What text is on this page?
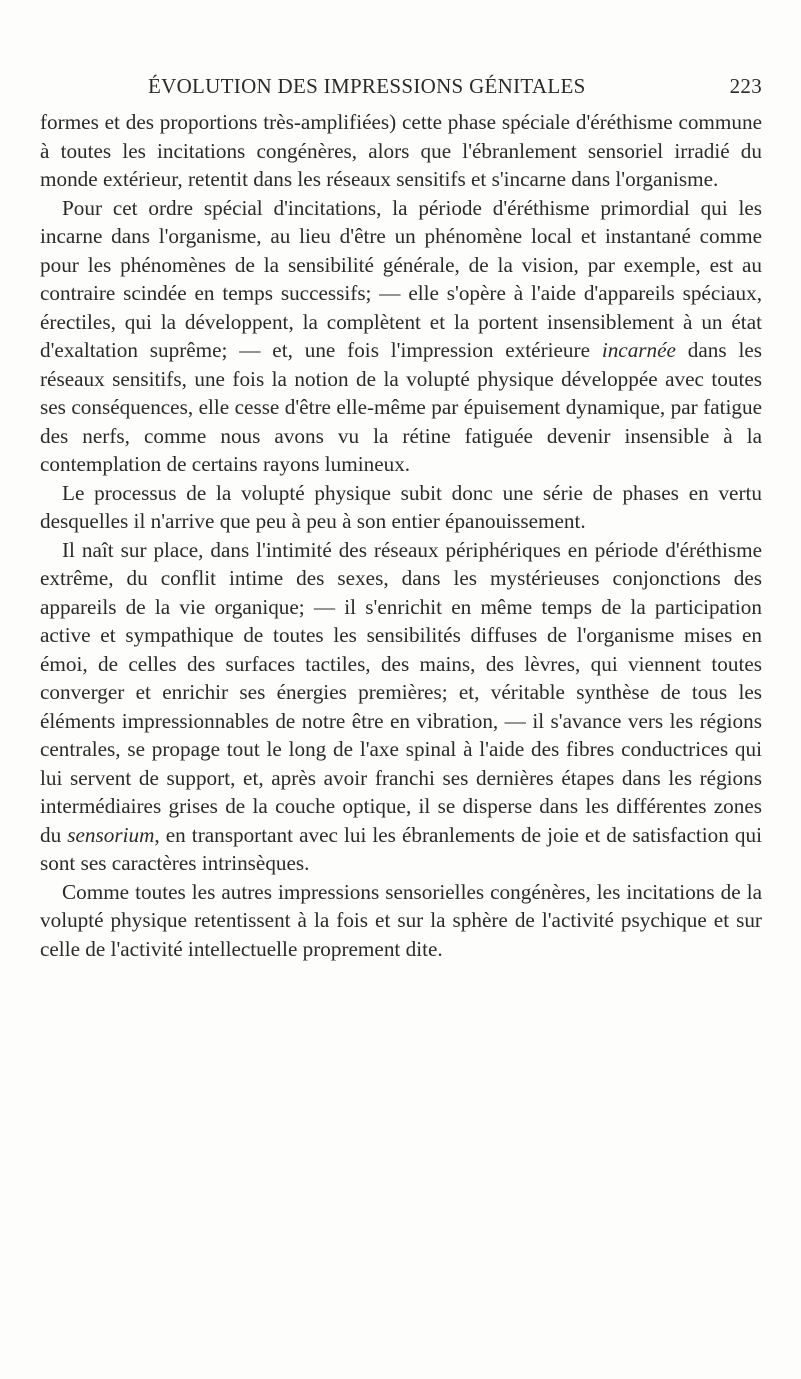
ÉVOLUTION DES IMPRESSIONS GÉNITALES	223

formes et des proportions très-amplifiées) cette phase spéciale d'éréthisme commune à toutes les incitations congénères, alors que l'ébranlement sensoriel irradié du monde extérieur, retentit dans les réseaux sensitifs et s'incarne dans l'organisme.

Pour cet ordre spécial d'incitations, la période d'éréthisme primordial qui les incarne dans l'organisme, au lieu d'être un phénomène local et instantané comme pour les phénomènes de la sensibilité générale, de la vision, par exemple, est au contraire scindée en temps successifs; — elle s'opère à l'aide d'appareils spéciaux, érectiles, qui la développent, la complètent et la portent insensiblement à un état d'exaltation suprême; — et, une fois l'impression extérieure incarnée dans les réseaux sensitifs, une fois la notion de la volupté physique développée avec toutes ses conséquences, elle cesse d'être elle-même par épuisement dynamique, par fatigue des nerfs, comme nous avons vu la rétine fatiguée devenir insensible à la contemplation de certains rayons lumineux.

Le processus de la volupté physique subit donc une série de phases en vertu desquelles il n'arrive que peu à peu à son entier épanouissement.

Il naît sur place, dans l'intimité des réseaux périphériques en période d'éréthisme extrême, du conflit intime des sexes, dans les mystérieuses conjonctions des appareils de la vie organique; — il s'enrichit en même temps de la participation active et sympathique de toutes les sensibilités diffuses de l'organisme mises en émoi, de celles des surfaces tactiles, des mains, des lèvres, qui viennent toutes converger et enrichir ses énergies premières; et, véritable synthèse de tous les éléments impressionnables de notre être en vibration, — il s'avance vers les régions centrales, se propage tout le long de l'axe spinal à l'aide des fibres conductrices qui lui servent de support, et, après avoir franchi ses dernières étapes dans les régions intermédiaires grises de la couche optique, il se disperse dans les différentes zones du sensorium, en transportant avec lui les ébranlements de joie et de satisfaction qui sont ses caractères intrinsèques.

Comme toutes les autres impressions sensorielles congénères, les incitations de la volupté physique retentissent à la fois et sur la sphère de l'activité psychique et sur celle de l'activité intellectuelle proprement dite.
